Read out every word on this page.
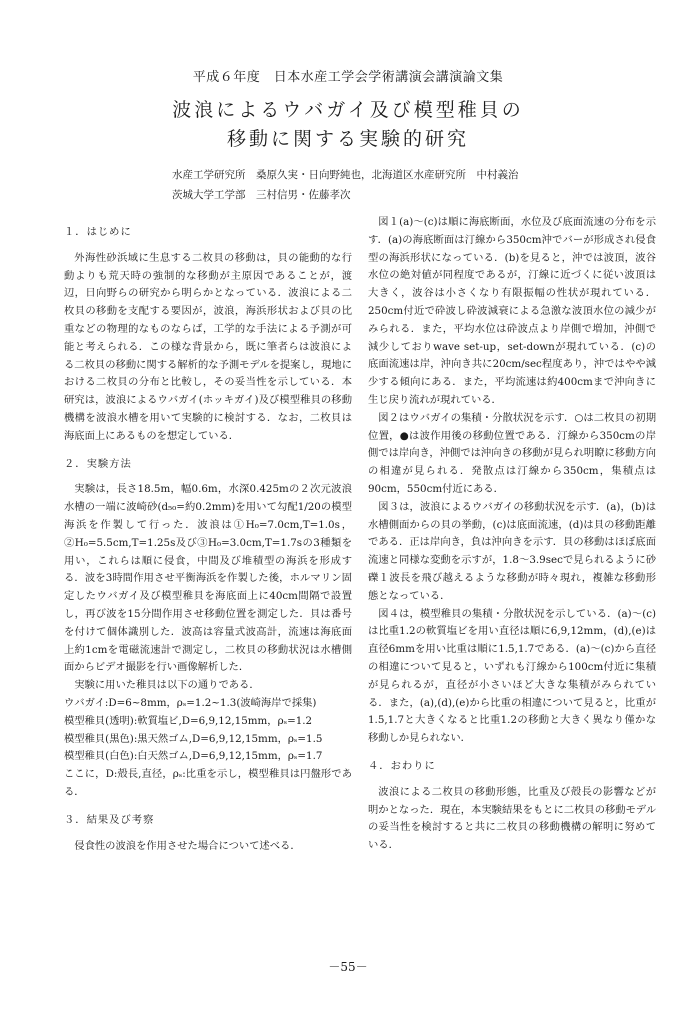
平成６年度　日本水産工学会学術講演会講演論文集
波浪によるウバガイ及び模型稚貝の
移動に関する実験的研究
水産工学研究所　桑原久実・日向野純也，北海道区水産研究所　中村義治
茨城大学工学部　三村信男・佐藤孝次
１．はじめに

外海性砂浜域に生息する二枚貝の移動は，貝の能動的な行動よりも荒天時の強制的な移動が主原因であることが，渡辺，日向野らの研究から明らかとなっている．波浪による二枚貝の移動を支配する要因が，波浪，海浜形状および貝の比重などの物理的なものならば，工学的な手法による予測が可能と考えられる．この様な背景から，既に筆者らは波浪による二枚貝の移動に関する解析的な予測モデルを提案し，現地における二枚貝の分布と比較し，その妥当性を示している．本研究は，波浪によるウバガイ(ホッキガイ)及び模型稚貝の移動機構を波浪水槽を用いて実験的に検討する．なお，二枚貝は海底面上にあるものを想定している．

２．実験方法

実験は，長さ18.5m，幅0.6m，水深0.425mの２次元波浪水槽の一端に波崎砂(d₅₀=約0.2mm)を用いて勾配1/20の模型海浜を作製して行った．波浪は①H₀=7.0cm,T=1.0s，②H₀=5.5cm,T=1.25s及び③H₀=3.0cm,T=1.7sの3種類を用い，これらは順に侵食，中間及び堆積型の海浜を形成する．波を3時間作用させ平衡海浜を作製した後，ホルマリン固定したウバガイ及び模型稚貝を海底面上に40cm間隔で設置し，再び波を15分間作用させ移動位置を測定した．貝は番号を付けて個体識別した．波高は容量式波高計，流速は海底面上約1cmを電磁流速計で測定し，二枚貝の移動状況は水槽側面からビデオ撮影を行い画像解析した．

実験に用いた稚貝は以下の通りである．

ウバガイ:D=6~8mm，ρₛ=1.2~1.3(波崎海岸で採集)

模型稚貝(透明):軟質塩ビ,D=6,9,12,15mm，ρₛ=1.2

模型稚貝(黒色):黒天然ゴム,D=6,9,12,15mm，ρₛ=1.5

模型稚貝(白色):白天然ゴム,D=6,9,12,15mm，ρₛ=1.7

ここに，D:殻長,直径，ρₛ:比重を示し，模型稚貝は円盤形である．

３．結果及び考察

侵食性の波浪を作用させた場合について述べる．

図１(a)～(c)は順に海底断面，水位及び底面流速の分布を示す．(a)の海底断面は汀線から350cm沖でバーが形成され侵食型の海浜形状になっている．(b)を見ると，沖では波頂，波谷水位の絶対値が同程度であるが，汀線に近づくに従い波頂は大きく，波谷は小さくなり有限振幅の性状が現れている．250cm付近で砕波し砕波減衰による急激な波頂水位の減少がみられる．また，平均水位は砕波点より岸側で増加，沖側で減少しておりwave set-up，set-downが現れている．(c)の底面流速は岸，沖向き共に20cm/sec程度あり，沖ではやや減少する傾向にある．また，平均流速は約400cmまで沖向きに生じ戻り流れが現れている．

図２はウバガイの集積・分散状況を示す．○は二枚貝の初期位置，●は波作用後の移動位置である．汀線から350cmの岸側では岸向き，沖側では沖向きの移動が見られ明瞭に移動方向の相違が見られる．発散点は汀線から350cm，集積点は90cm，550cm付近にある．

図３は，波浪によるウバガイの移動状況を示す．(a)，(b)は水槽側面からの貝の挙動，(c)は底面流速，(d)は貝の移動距離である．正は岸向き，負は沖向きを示す．貝の移動はほぼ底面流速と同様な変動を示すが，1.8～3.9secで見られるように砂礫１波長を飛び越えるような移動が時々現れ，複雑な移動形態となっている．

図４は，模型稚貝の集積・分散状況を示している．(a)～(c)は比重1.2の軟質塩ビを用い直径は順に6,9,12mm，(d),(e)は直径6mmを用い比重は順に1.5,1.7である．(a)～(c)から直径の相違について見ると，いずれも汀線から100cm付近に集積が見られるが，直径が小さいほど大きな集積がみられている．また，(a),(d),(e)から比重の相違について見ると，比重が1.5,1.7と大きくなると比重1.2の移動と大きく異なり僅かな移動しか見られない．

４．おわりに

波浪による二枚貝の移動形態，比重及び殻長の影響などが明かとなった．現在，本実験結果をもとに二枚貝の移動モデルの妥当性を検討すると共に二枚貝の移動機構の解明に努めている．

－55－
